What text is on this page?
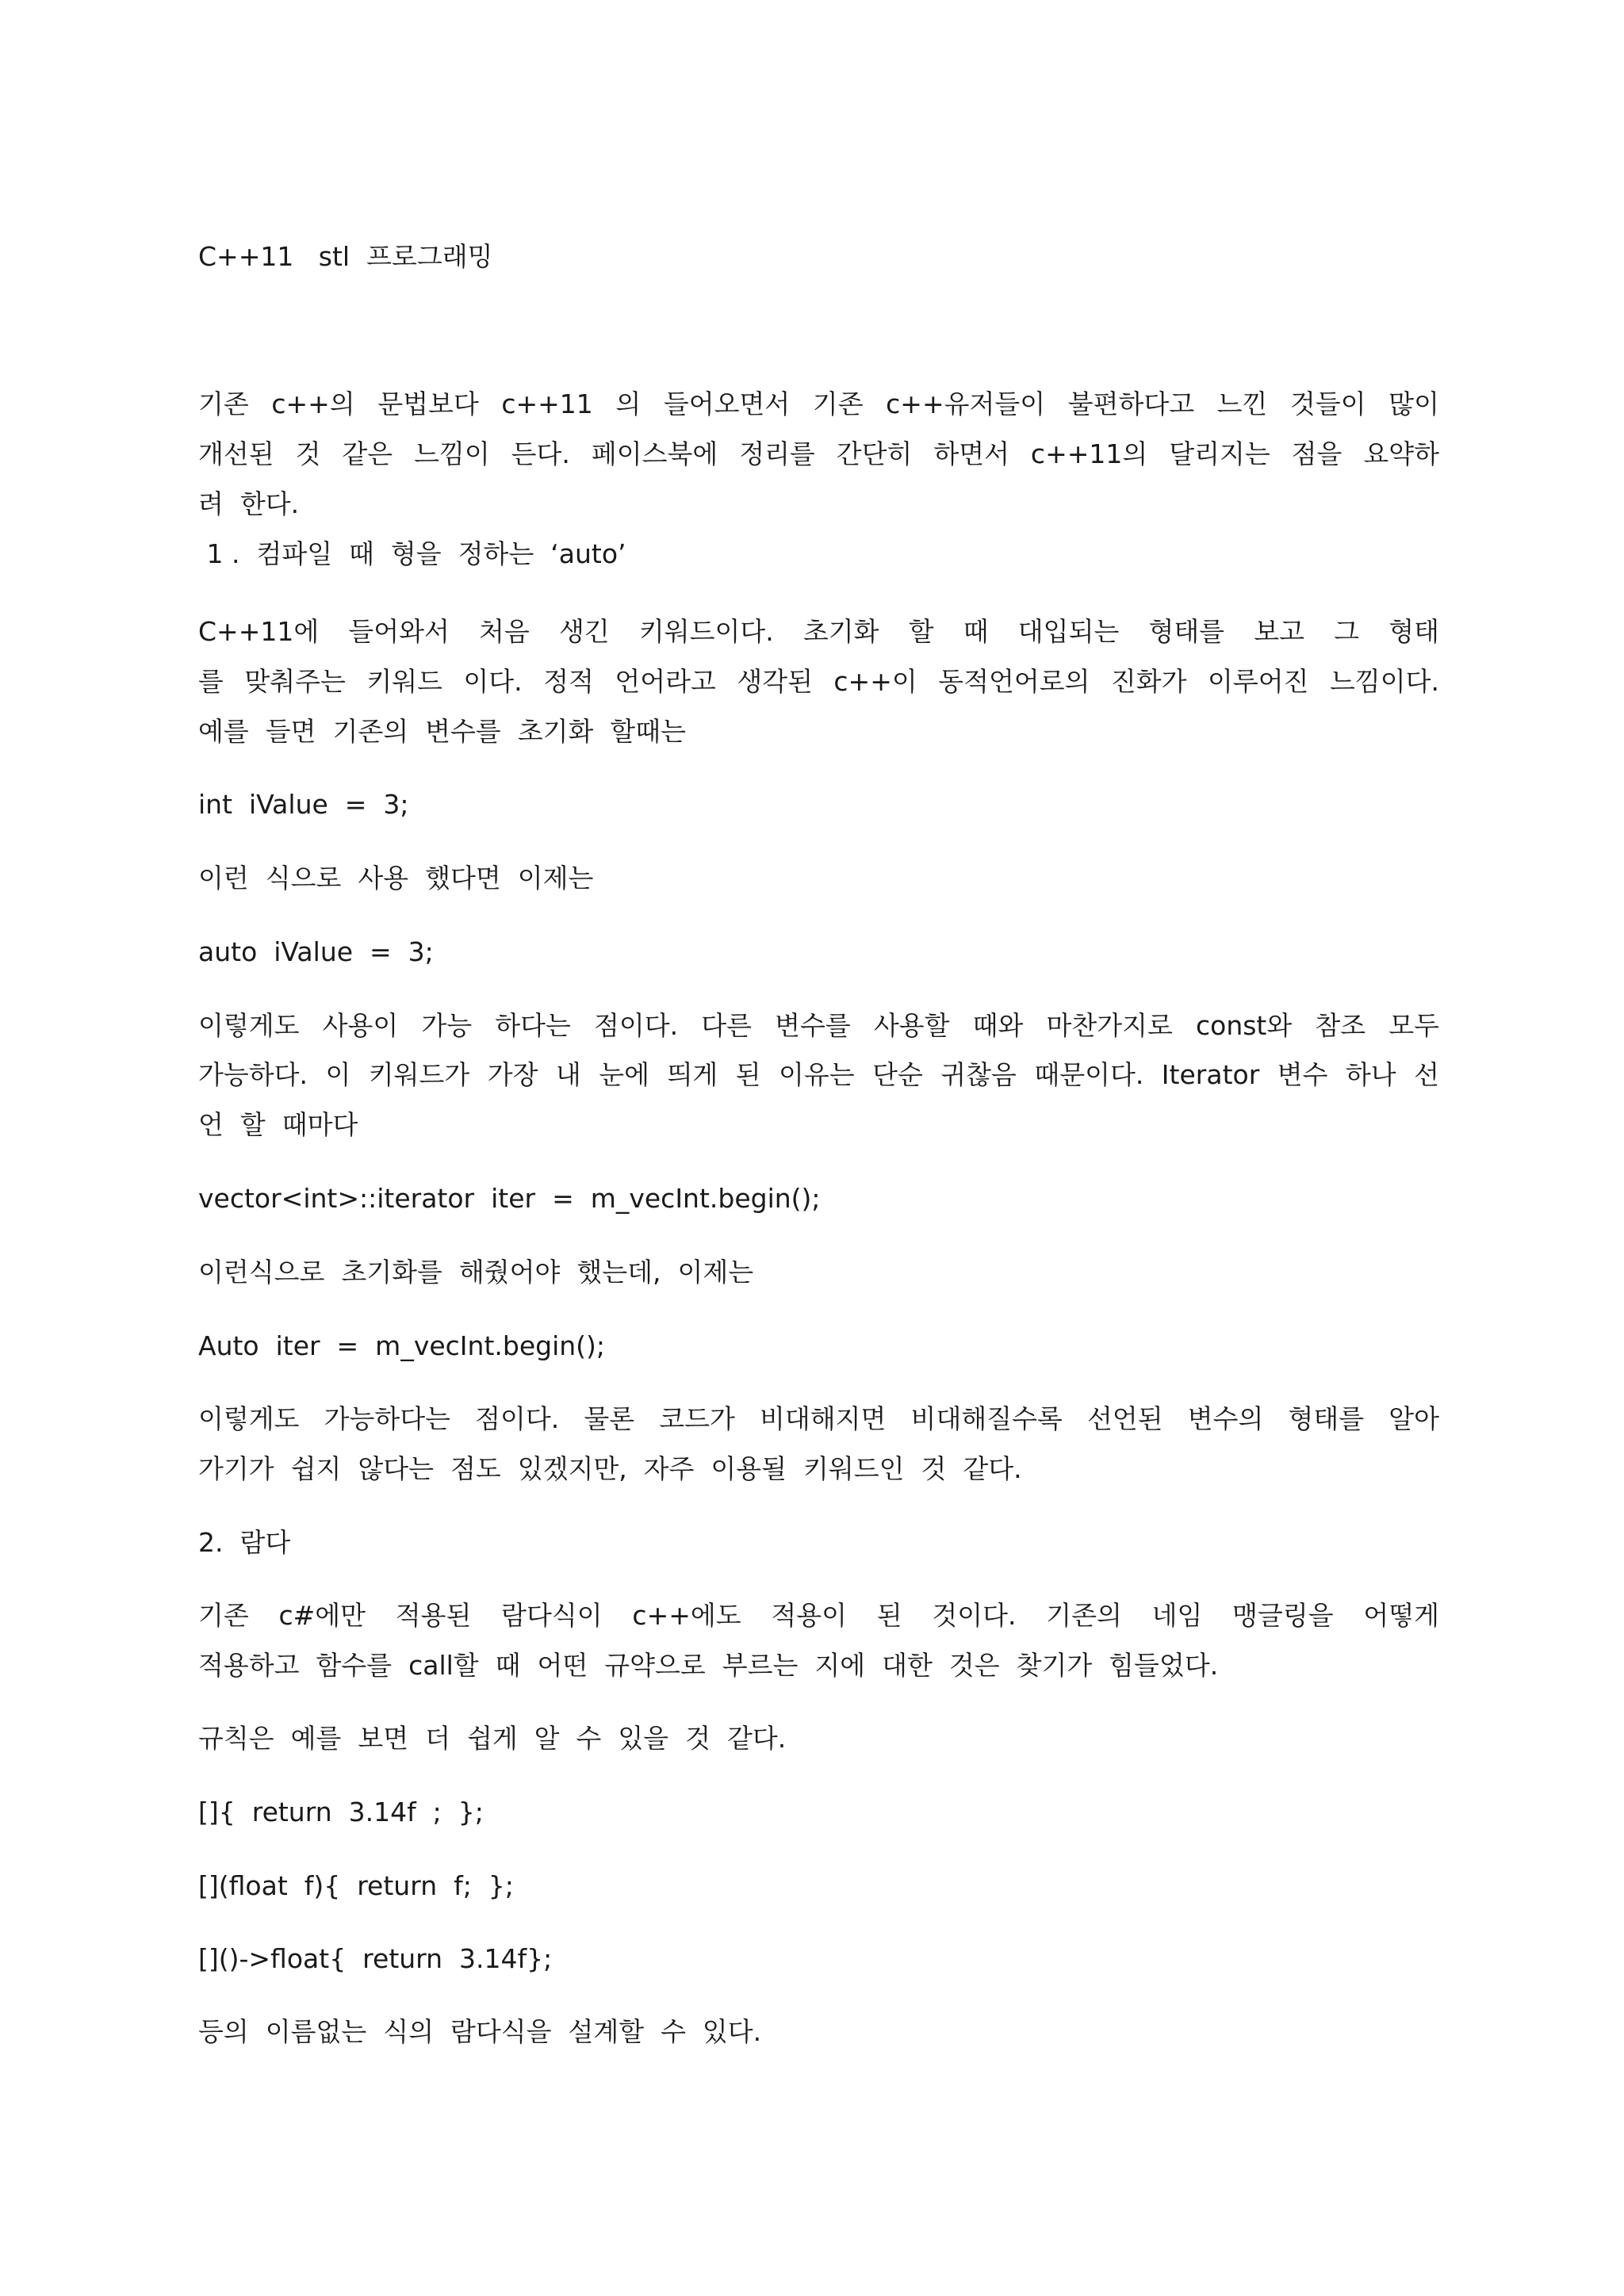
C++11   stl  프로그래밍
기존 c++의 문법보다 c++11 의 들어오면서 기존 c++유저들이 불편하다고 느낀 것들이 많이
개선된 것 같은 느낌이 든다. 페이스북에 정리를 간단히 하면서 c++11의 달리지는 점을 요약하
려  한다.
1 .  컴파일  때  형을  정하는  ‘auto’
C++11에 들어와서 처음 생긴 키워드이다. 초기화 할 때 대입되는 형태를 보고 그 형태
를 맞춰주는 키워드 이다. 정적 언어라고 생각된 c++이 동적언어로의 진화가 이루어진 느낌이다.
예를  들면  기존의  변수를  초기화  할때는
int  iValue  =  3;
이런  식으로  사용  했다면  이제는
auto  iValue  =  3;
이렇게도 사용이 가능 하다는 점이다. 다른 변수를 사용할 때와 마찬가지로 const와 참조 모두
가능하다. 이 키워드가 가장 내 눈에 띄게 된 이유는 단순 귀찮음 때문이다. Iterator 변수 하나 선
언  할  때마다
vector<int>::iterator  iter  =  m_vecInt.begin();
이런식으로  초기화를  해줬어야  했는데,  이제는
Auto  iter  =  m_vecInt.begin();
이렇게도 가능하다는 점이다. 물론 코드가 비대해지면 비대해질수록 선언된 변수의 형태를 알아
가기가  쉽지  않다는  점도  있겠지만,  자주  이용될  키워드인  것  같다.
2.  람다
기존 c#에만 적용된 람다식이 c++에도 적용이 된 것이다. 기존의 네임 맹글링을 어떻게
적용하고  함수를  call할  때  어떤  규약으로  부르는  지에  대한  것은  찾기가  힘들었다.
규칙은  예를  보면  더  쉽게  알  수  있을  것  같다.
[]{  return  3.14f  ;  };
[](float  f){  return  f;  };
[]()->float{  return  3.14f};
등의  이름없는  식의  람다식을  설계할  수  있다.
